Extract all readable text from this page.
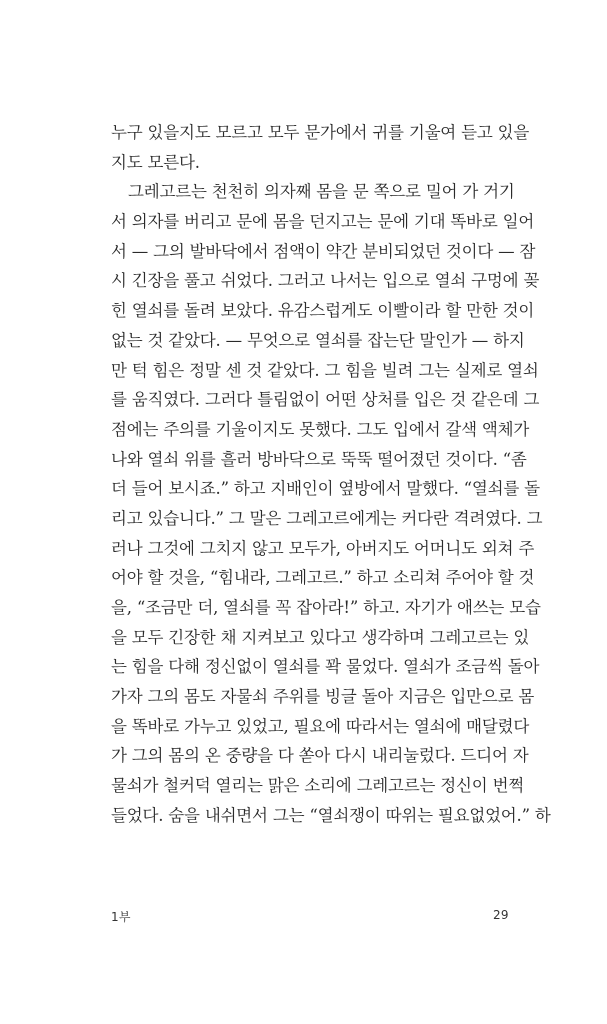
누구 있을지도 모르고 모두 문가에서 귀를 기울여 듣고 있을
지도 모른다.
그레고르는 천천히 의자째 몸을 문 쪽으로 밀어 가 거기
서 의자를 버리고 문에 몸을 던지고는 문에 기대 똑바로 일어
서 — 그의 발바닥에서 점액이 약간 분비되었던 것이다 — 잠
시 긴장을 풀고 쉬었다. 그러고 나서는 입으로 열쇠 구멍에 꽂
힌 열쇠를 돌려 보았다. 유감스럽게도 이빨이라 할 만한 것이
없는 것 같았다. — 무엇으로 열쇠를 잡는단 말인가 — 하지
만 턱 힘은 정말 센 것 같았다. 그 힘을 빌려 그는 실제로 열쇠
를 움직였다. 그러다 틀림없이 어떤 상처를 입은 것 같은데 그
점에는 주의를 기울이지도 못했다. 그도 입에서 갈색 액체가
나와 열쇠 위를 흘러 방바닥으로 뚝뚝 떨어졌던 것이다. “좀
더 들어 보시죠.” 하고 지배인이 옆방에서 말했다. “열쇠를 돌
리고 있습니다.” 그 말은 그레고르에게는 커다란 격려였다. 그
러나 그것에 그치지 않고 모두가, 아버지도 어머니도 외쳐 주
어야 할 것을, “힘내라, 그레고르.” 하고 소리쳐 주어야 할 것
을, “조금만 더, 열쇠를 꼭 잡아라!” 하고. 자기가 애쓰는 모습
을 모두 긴장한 채 지켜보고 있다고 생각하며 그레고르는 있
는 힘을 다해 정신없이 열쇠를 꽉 물었다. 열쇠가 조금씩 돌아
가자 그의 몸도 자물쇠 주위를 빙글 돌아 지금은 입만으로 몸
을 똑바로 가누고 있었고, 필요에 따라서는 열쇠에 매달렸다
가 그의 몸의 온 중량을 다 쏟아 다시 내리눌렀다. 드디어 자
물쇠가 철커덕 열리는 맑은 소리에 그레고르는 정신이 번쩍
들었다. 숨을 내쉬면서 그는 “열쇠쟁이 따위는 필요없었어.” 하
1부	29
